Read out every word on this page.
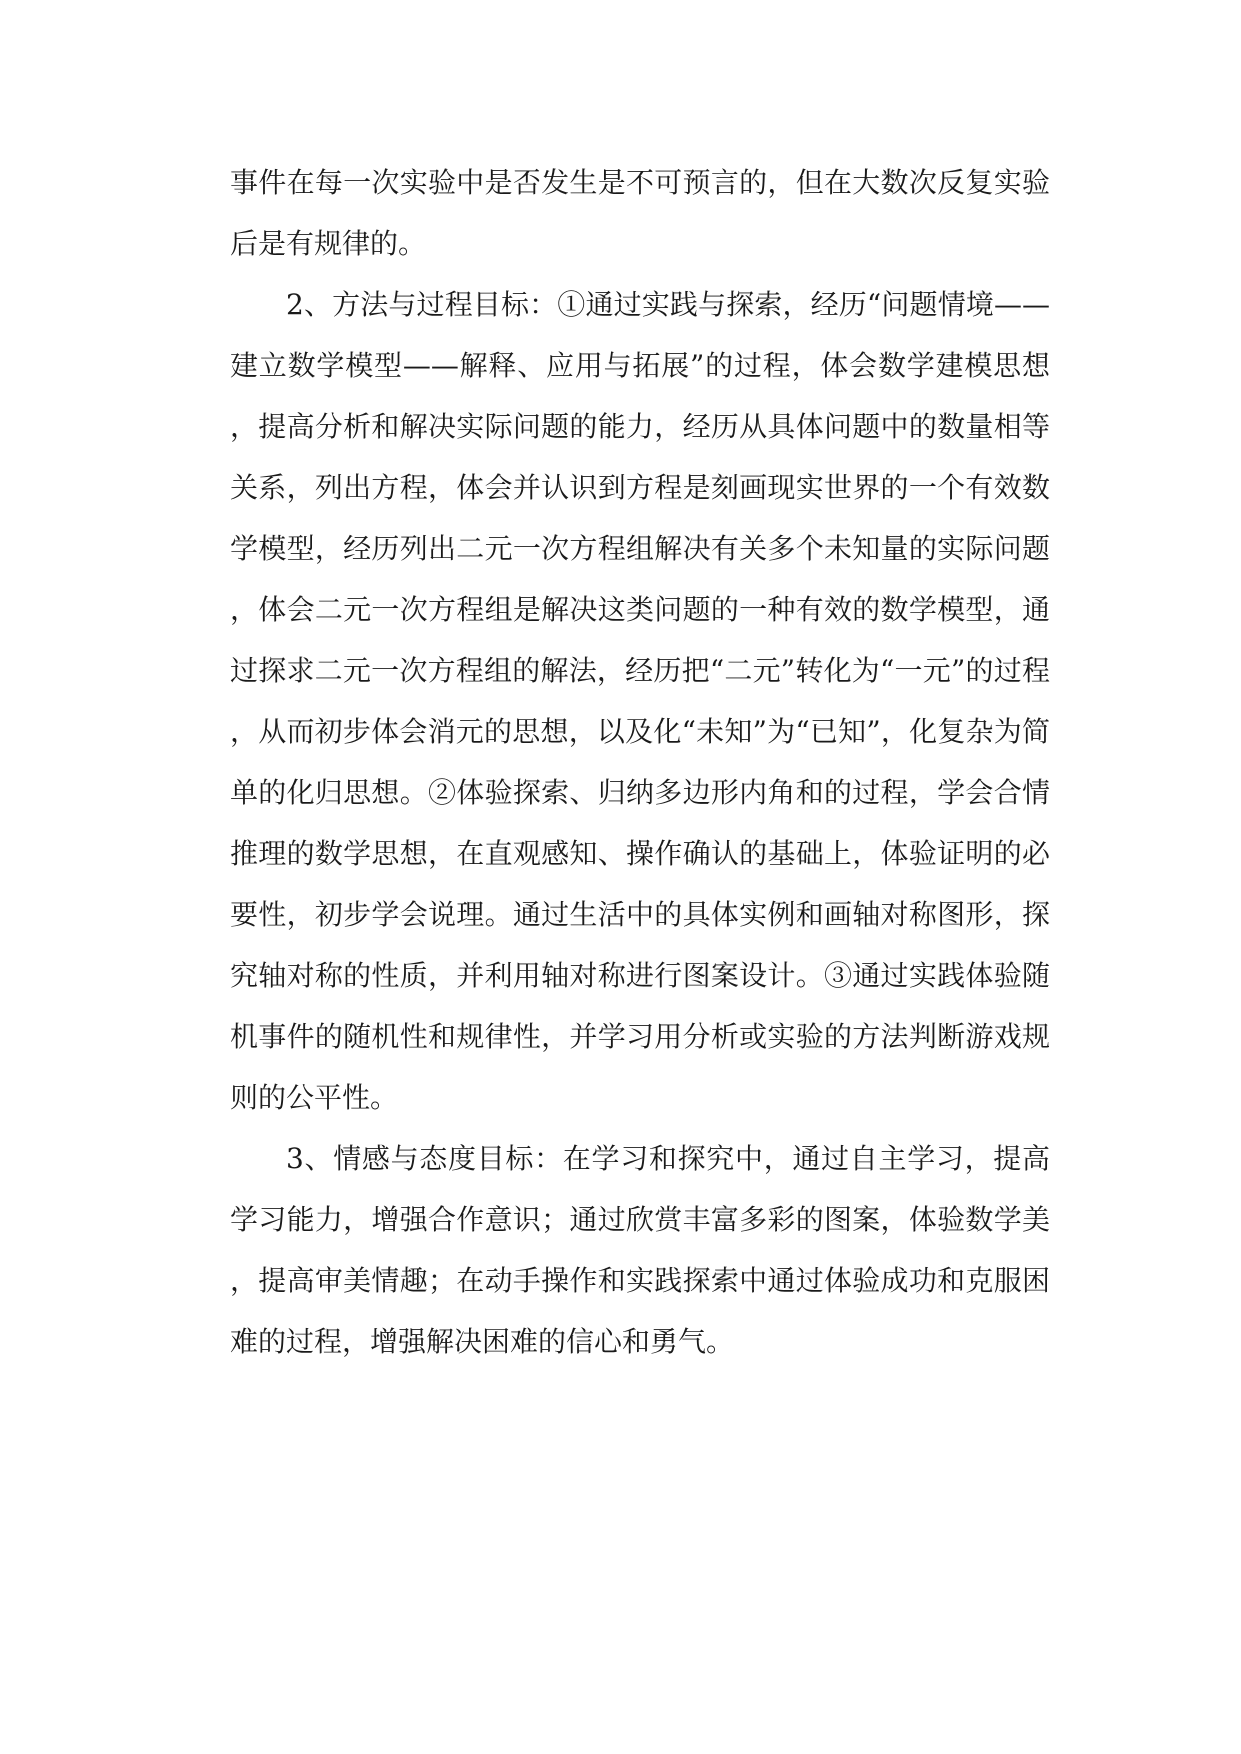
事件在每一次实验中是否发生是不可预言的，但在大数次反复实验后是有规律的。

2、方法与过程目标：①通过实践与探索，经历“问题情境——建立数学模型——解释、应用与拓展”的过程，体会数学建模思想，提高分析和解决实际问题的能力，经历从具体问题中的数量相等关系，列出方程，体会并认识到方程是刻画现实世界的一个有效数学模型，经历列出二元一次方程组解决有关多个未知量的实际问题，体会二元一次方程组是解决这类问题的一种有效的数学模型，通过探求二元一次方程组的解法，经历把“二元”转化为“一元”的过程，从而初步体会消元的思想，以及化“未知”为“已知”，化复杂为简单的化归思想。②体验探索、归纳多边形内角和的过程，学会合情推理的数学思想，在直观感知、操作确认的基础上，体验证明的必要性，初步学会说理。通过生活中的具体实例和画轴对称图形，探究轴对称的性质，并利用轴对称进行图案设计。③通过实践体验随机事件的随机性和规律性，并学习用分析或实验的方法判断游戏规则的公平性。

3、情感与态度目标：在学习和探究中，通过自主学习，提高学习能力，增强合作意识；通过欣赏丰富多彩的图案，体验数学美，提高审美情趣；在动手操作和实践探索中通过体验成功和克服困难的过程，增强解决困难的信心和勇气。
